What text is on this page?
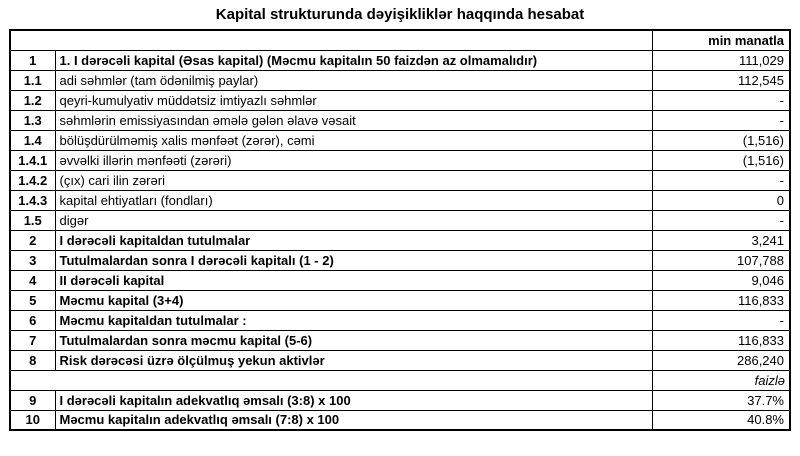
Kapital strukturunda dəyişikliklər haqqında hesabat
		min manatla
1	1. I dərəcəli kapital (Əsas kapital) (Məcmu kapitalın 50 faizdən az olmamalıdır)	111,029
1.1	adi səhmlər (tam ödənilmiş paylar)	112,545
1.2	qeyri-kumulyativ müddətsiz imtiyazlı səhmlər	-
1.3	səhmlərin emissiyasından əmələ gələn əlavə vəsait	-
1.4	bölüşdürülməmiş xalis mənfəət (zərər), cəmi	(1,516)
1.4.1	əvvəlki illərin mənfəəti (zərəri)	(1,516)
1.4.2	(çıx) cari ilin zərəri	-
1.4.3	kapital ehtiyatları (fondları)	0
1.5	digər	-
2	I dərəcəli kapitaldan tutulmalar	3,241
3	Tutulmalardan sonra I dərəcəli kapitalı (1 - 2)	107,788
4	II dərəcəli kapital	9,046
5	Məcmu kapital (3+4)	116,833
6	Məcmu kapitaldan tutulmalar :	-
7	Tutulmalardan sonra məcmu kapital (5-6)	116,833
8	Risk dərəcəsi üzrə ölçülmuş yekun aktivlər	286,240
		faizlə
9	I dərəcəli kapitalın adekvatlıq əmsalı (3:8) x 100	37.7%
10	Məcmu kapitalın adekvatlıq əmsalı (7:8) x 100	40.8%
